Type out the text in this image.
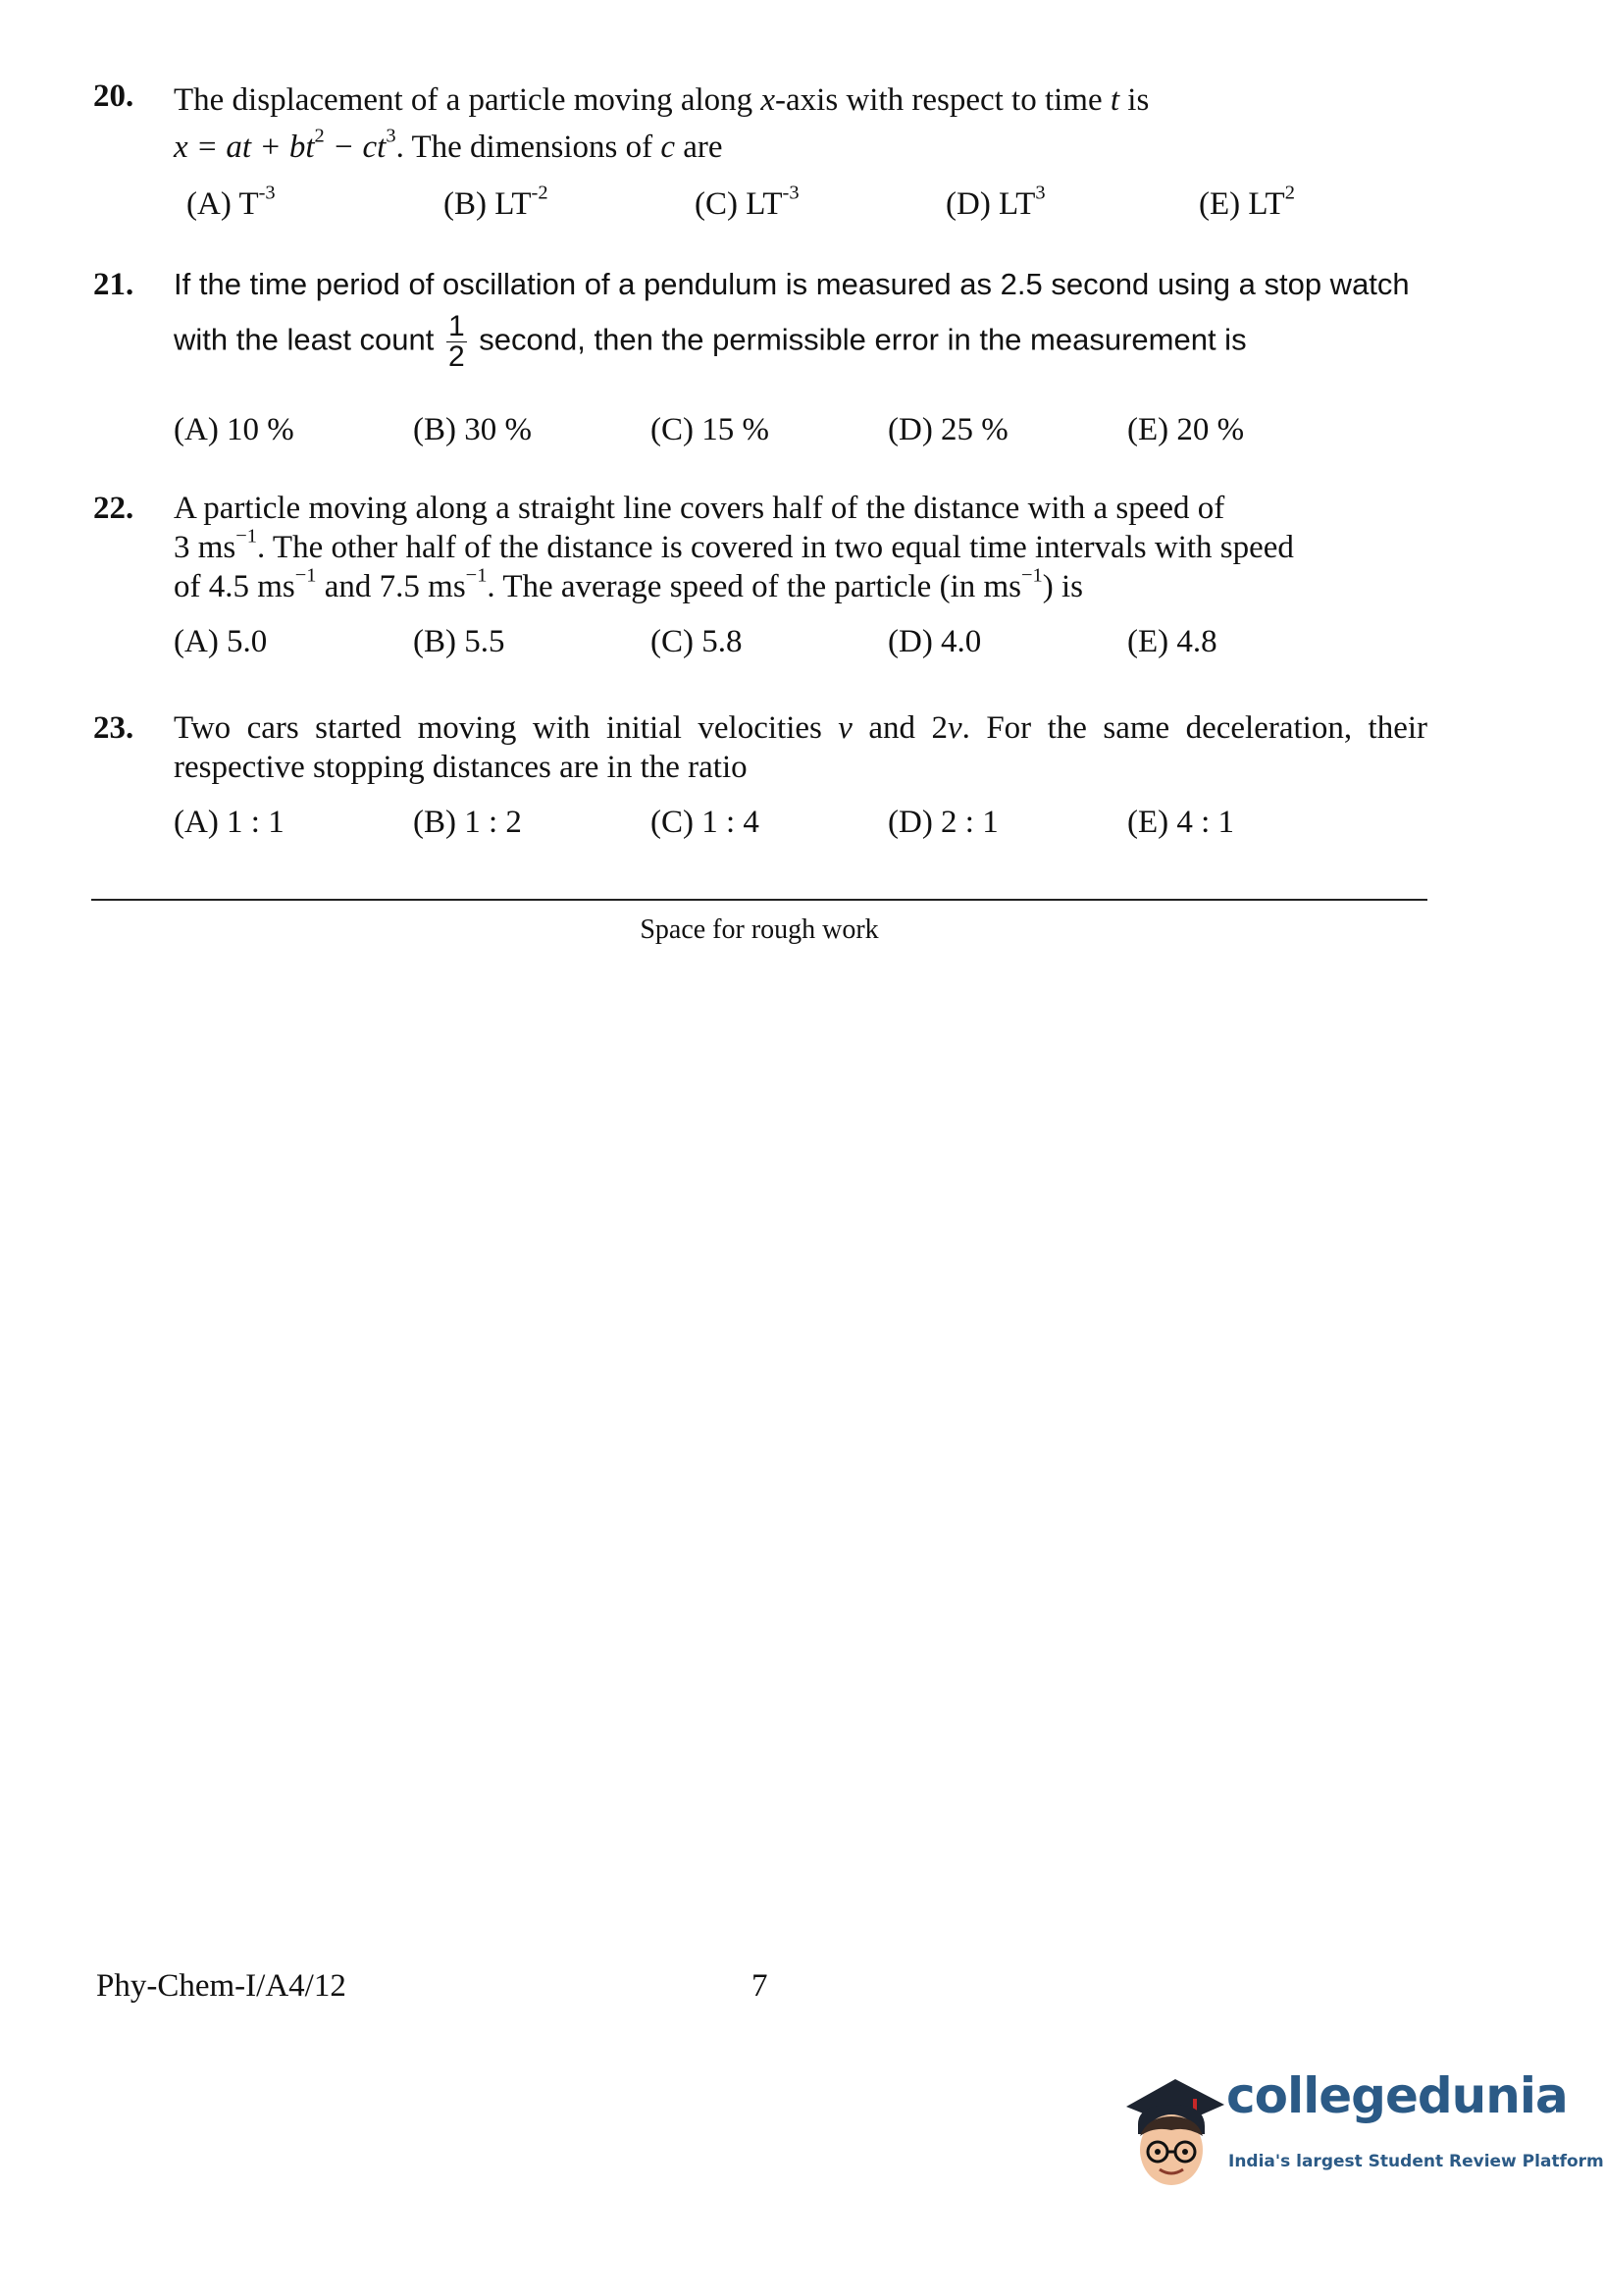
20. The displacement of a particle moving along x-axis with respect to time t is
x = at + $bt^2 - ct^3$. The dimensions of c are
(A) $T^{-3}$	(B) $LT^{-2}$	(C) $LT^{-3}$	(D) $LT^3$	(E) $LT^2$
21. If the time period of oscillation of a pendulum is measured as 2.5 second using a stop watch
with the least count $\frac{1}{2}$ second, then the permissible error in the measurement is
(A) 10 %	(B) 30 %	(C) 15 %	(D) 25 %	(E) 20 %
22. A particle moving along a straight line covers half of the distance with a speed of
3 $ms^{-1}$. The other half of the distance is covered in two equal time intervals with speed
of 4.5 $ms^{-1}$ and 7.5 $ms^{-1}$. The average speed of the particle (in $ms^{-1}$) is
(A) 5.0	(B) 5.5	(C) 5.8	(D) 4.0	(E) 4.8
23. Two cars started moving with initial velocities v and 2v. For the same deceleration, their respective stopping distances are in the ratio
(A) 1 : 1	(B) 1 : 2	(C) 1 : 4	(D) 2 : 1	(E) 4 : 1
Space for rough work
Phy-Chem-I/A4/12	7
collegedunia
India's largest Student Review Platform
